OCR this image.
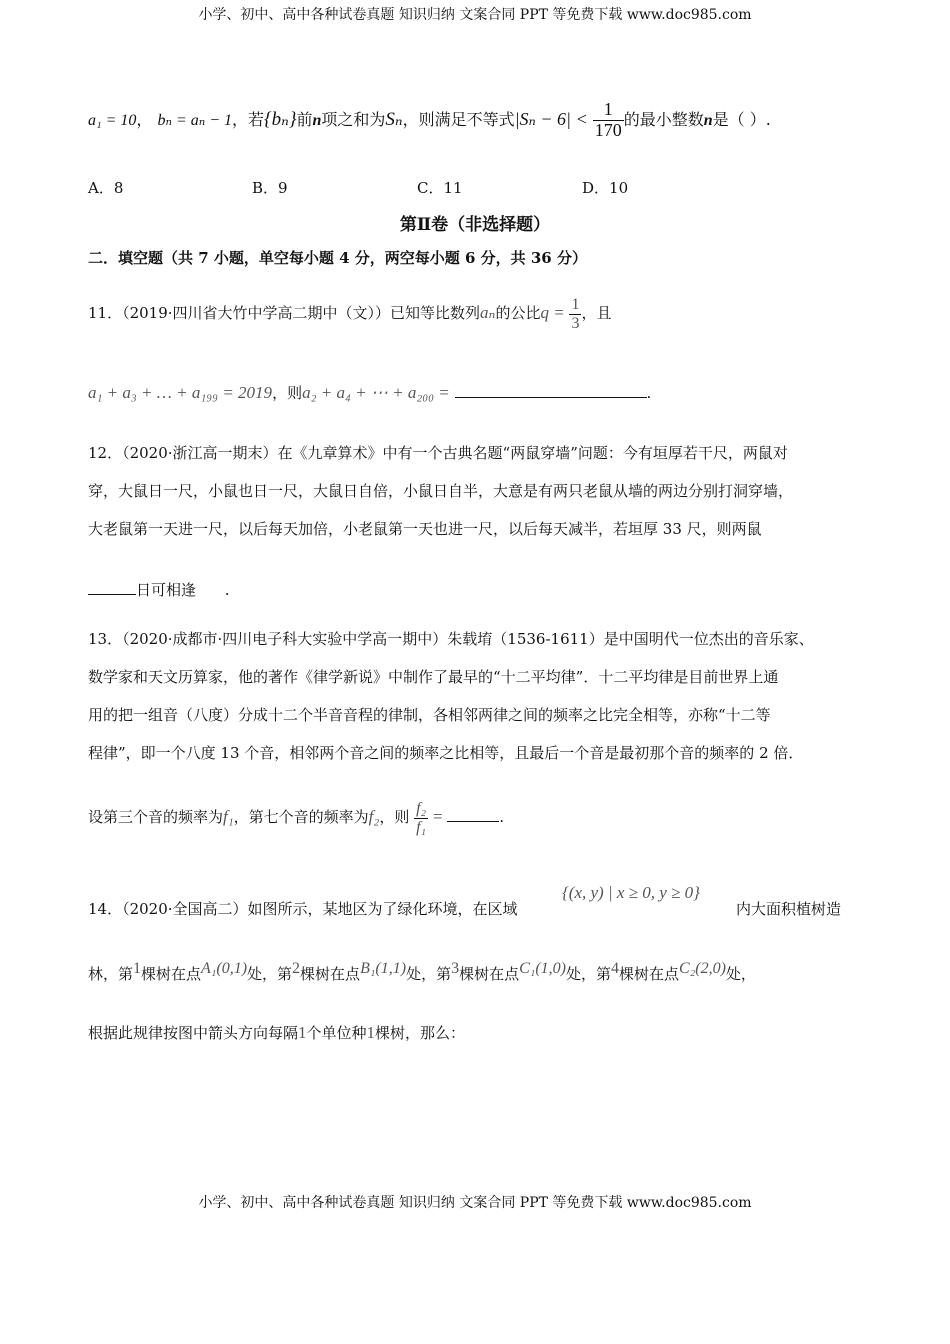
小学、初中、高中各种试卷真题 知识归纳 文案合同 PPT 等免费下载 www.doc985.com
a₁ = 10， bₙ = aₙ − 1，若{bₙ}前n项之和为Sₙ，则满足不等式$|S_n - 6| < \frac{1}{170}$ 的最小整数n是（ ）.
A．8	B．9	C．11	D．10
第Ⅱ卷（非选择题）
二．填空题（共 7 小题，单空每小题 4 分，两空每小题 6 分，共 36 分）
11．（2019·四川省大竹中学高二期中（文））已知等比数列aₙ的公比$q = \frac{1}{3}$ ，且
a₁ + a₃ + … + a₁₉₉ = 2019，则a₂ + a₄ + ⋯ + a₂₀₀ =	.
12．（2020·浙江高一期末）在《九章算术》中有一个古典名题“两鼠穿墙”问题：今有垣厚若干尺，两鼠对
穿，大鼠日一尺，小鼠也日一尺，大鼠日自倍，小鼠日自半，大意是有两只老鼠从墙的两边分别打洞穿墙，
大老鼠第一天进一尺，以后每天加倍，小老鼠第一天也进一尺，以后每天减半，若垣厚 33 尺，则两鼠
日可相逢 .
13．（2020·成都市·四川电子科大实验中学高一期中）朱载堉（1536-1611）是中国明代一位杰出的音乐家、
数学家和天文历算家，他的著作《律学新说》中制作了最早的“十二平均律”．十二平均律是目前世界上通
用的把一组音（八度）分成十二个半音音程的律制，各相邻两律之间的频率之比完全相等，亦称“十二等
程律”，即一个八度 13 个音，相邻两个音之间的频率之比相等，且最后一个音是最初那个音的频率的 2 倍．
设第三个音的频率为f₁，第七个音的频率为f₂，则 $\frac{\text{f₂}}{\text{f₁}}$ =	.
14．（2020·全国高二）如图所示，某地区为了绿化环境，在区域
{(x, y) | x ≥ 0, y ≥ 0}
内大面积植树造
林，第$^1$棵树在点$^{A_1(0,1)}$处，第$^2$棵树在点$^{B_1(1,1)}$处，第$^3$棵树在点$^{C_1(1,0)}$处，第$^4$棵树在点$^{C_2(2,0)}$处，
根据此规律按图中箭头方向每隔1个单位种1棵树，那么：
小学、初中、高中各种试卷真题 知识归纳 文案合同 PPT 等免费下载 www.doc985.com
